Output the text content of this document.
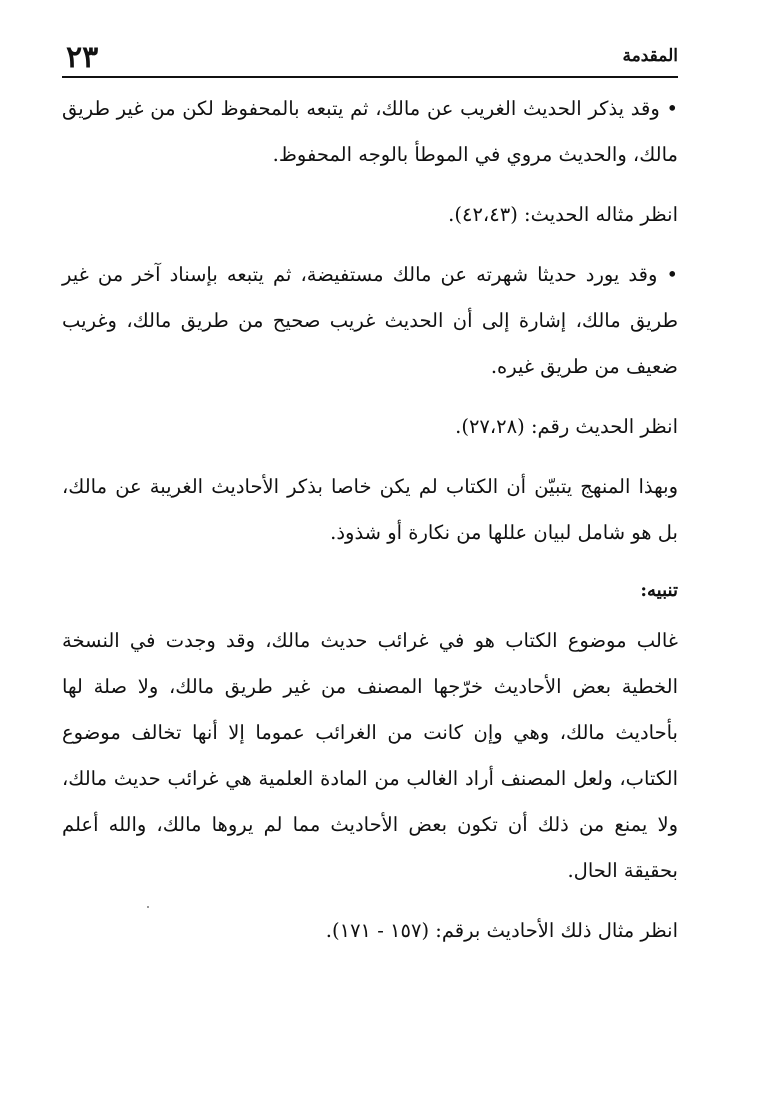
المقدمة
٢٣

• وقد يذكر الحديث الغريب عن مالك، ثم يتبعه بالمحفوظ لكن من غير طريق مالك، والحديث مروي في الموطأ بالوجه المحفوظ.

انظر مثاله الحديث: (٤٢،٤٣).

• وقد يورد حديثا شهرته عن مالك مستفيضة، ثم يتبعه بإسناد آخر من غير طريق مالك، إشارة إلى أن الحديث غريب صحيح من طريق مالك، وغريب ضعيف من طريق غيره.

انظر الحديث رقم: (٢٧،٢٨).

وبهذا المنهج يتبيّن أن الكتاب لم يكن خاصا بذكر الأحاديث الغريبة عن مالك، بل هو شامل لبيان عللها من نكارة أو شذوذ.

تنبيه:

غالب موضوع الكتاب هو في غرائب حديث مالك، وقد وجدت في النسخة الخطية بعض الأحاديث خرّجها المصنف من غير طريق مالك، ولا صلة لها بأحاديث مالك، وهي وإن كانت من الغرائب عموما إلا أنها تخالف موضوع الكتاب، ولعل المصنف أراد الغالب من المادة العلمية هي غرائب حديث مالك، ولا يمنع من ذلك أن تكون بعض الأحاديث مما لم يروها مالك، والله أعلم بحقيقة الحال.

انظر مثال ذلك الأحاديث برقم: (١٥٧ - ١٧١).
